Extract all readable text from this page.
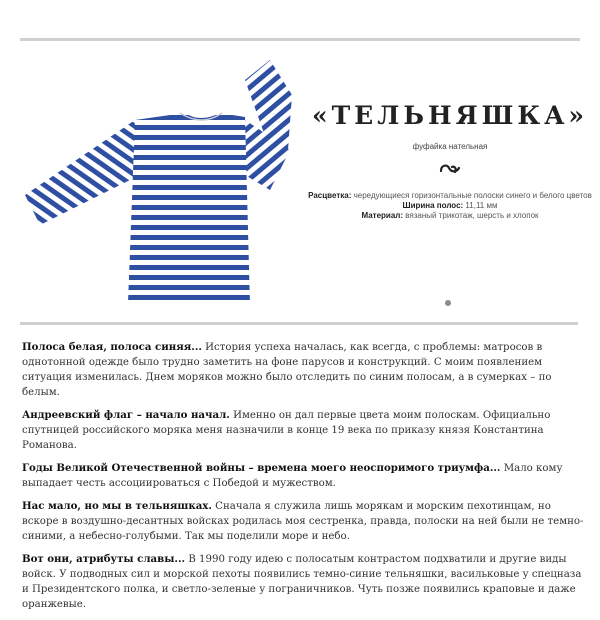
«ТЕЛЬНЯШКА»
фуфайка нательная
Расцветка: чередующиеся горизонтальные полоски синего и белого цветов
Ширина полос: 11,11 мм
Материал: вязаный трикотаж, шерсть и хлопок

Полоса белая, полоса синяя... История успеха началась, как всегда, с проблемы: матросов в однотонной одежде было трудно заметить на фоне парусов и конструкций. С моим появлением ситуация изменилась. Днем моряков можно было отследить по синим полосам, а в сумерках – по белым.

Андреевский флаг – начало начал. Именно он дал первые цвета моим полоскам. Официально спутницей российского моряка меня назначили в конце 19 века по приказу князя Константина Романова.

Годы Великой Отечественной войны – времена моего неоспоримого триумфа... Мало кому выпадает честь ассоциироваться с Победой и мужеством.

Нас мало, но мы в тельняшках. Сначала я служила лишь морякам и морским пехотинцам, но вскоре в воздушно-десантных войсках родилась моя сестренка, правда, полоски на ней были не темно-синими, а небесно-голубыми. Так мы поделили море и небо.

Вот они, атрибуты славы... В 1990 году идею с полосатым контрастом подхватили и другие виды войск. У подводных сил и морской пехоты появились темно-синие тельняшки, васильковые у спецназа и Президентского полка, и светло-зеленые у пограничников. Чуть позже появились краповые и даже оранжевые.
